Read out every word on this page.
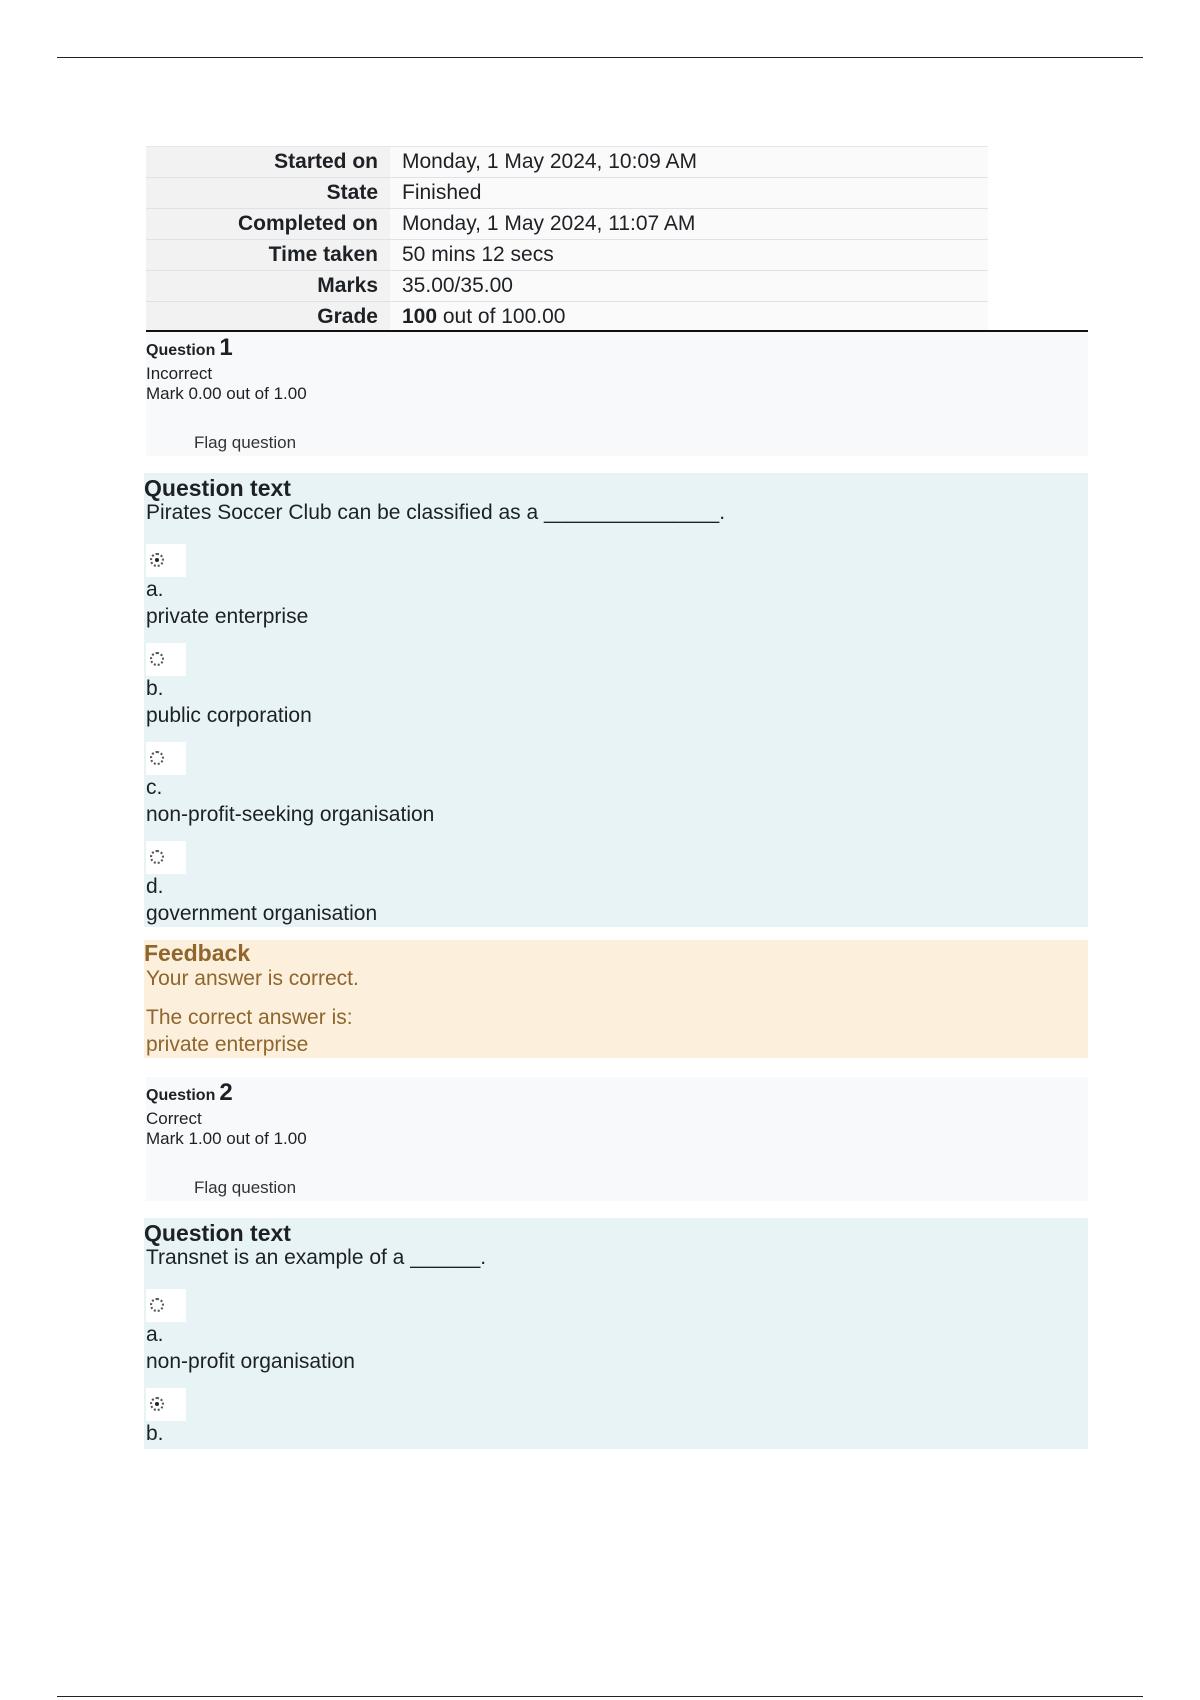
Started on	Monday, 1 May 2024, 10:09 AM
State	Finished
Completed on	Monday, 1 May 2024, 11:07 AM
Time taken	50 mins 12 secs
Marks	35.00/35.00
Grade	100 out of 100.00
Question 1
Incorrect
Mark 0.00 out of 1.00
Flag question
Question text
Pirates Soccer Club can be classified as a _______________.
a.
private enterprise
b.
public corporation
c.
non-profit-seeking organisation
d.
government organisation
Feedback
Your answer is correct.
The correct answer is:
private enterprise
Question 2
Correct
Mark 1.00 out of 1.00
Flag question
Question text
Transnet is an example of a ______.
a.
non-profit organisation
b.
